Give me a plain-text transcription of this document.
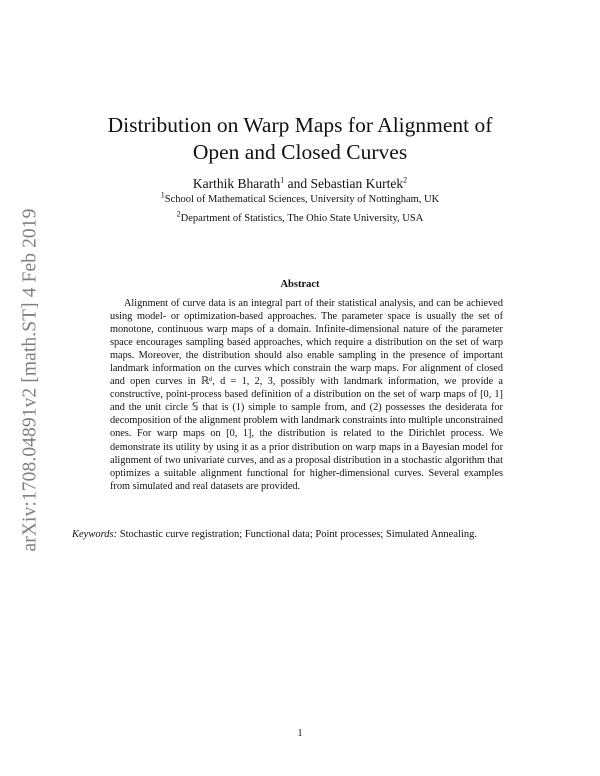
arXiv:1708.04891v2 [math.ST] 4 Feb 2019
Distribution on Warp Maps for Alignment of
Open and Closed Curves
Karthik Bharath$^1$ and Sebastian Kurtek$^2$
$^1$School of Mathematical Sciences, University of Nottingham, UK
$^2$Department of Statistics, The Ohio State University, USA
Abstract

Alignment of curve data is an integral part of their statistical analysis, and can be achieved using model- or optimization-based approaches. The parameter space is usually the set of monotone, continuous warp maps of a domain. Infinite-dimensional nature of the parameter space encourages sampling based approaches, which require a distribution on the set of warp maps. Moreover, the distribution should also enable sampling in the presence of important landmark information on the curves which constrain the warp maps. For alignment of closed and open curves in ℝᵈ, d = 1, 2, 3, possibly with landmark information, we provide a constructive, point-process based definition of a distribution on the set of warp maps of [0, 1] and the unit circle 𝕊 that is (1) simple to sample from, and (2) possesses the desiderata for decomposition of the alignment problem with landmark constraints into multiple unconstrained ones. For warp maps on [0, 1], the distribution is related to the Dirichlet process. We demonstrate its utility by using it as a prior distribution on warp maps in a Bayesian model for alignment of two univariate curves, and as a proposal distribution in a stochastic algorithm that optimizes a suitable alignment functional for higher-dimensional curves. Several examples from simulated and real datasets are provided.

Keywords: Stochastic curve registration; Functional data; Point processes; Simulated Annealing.

1
